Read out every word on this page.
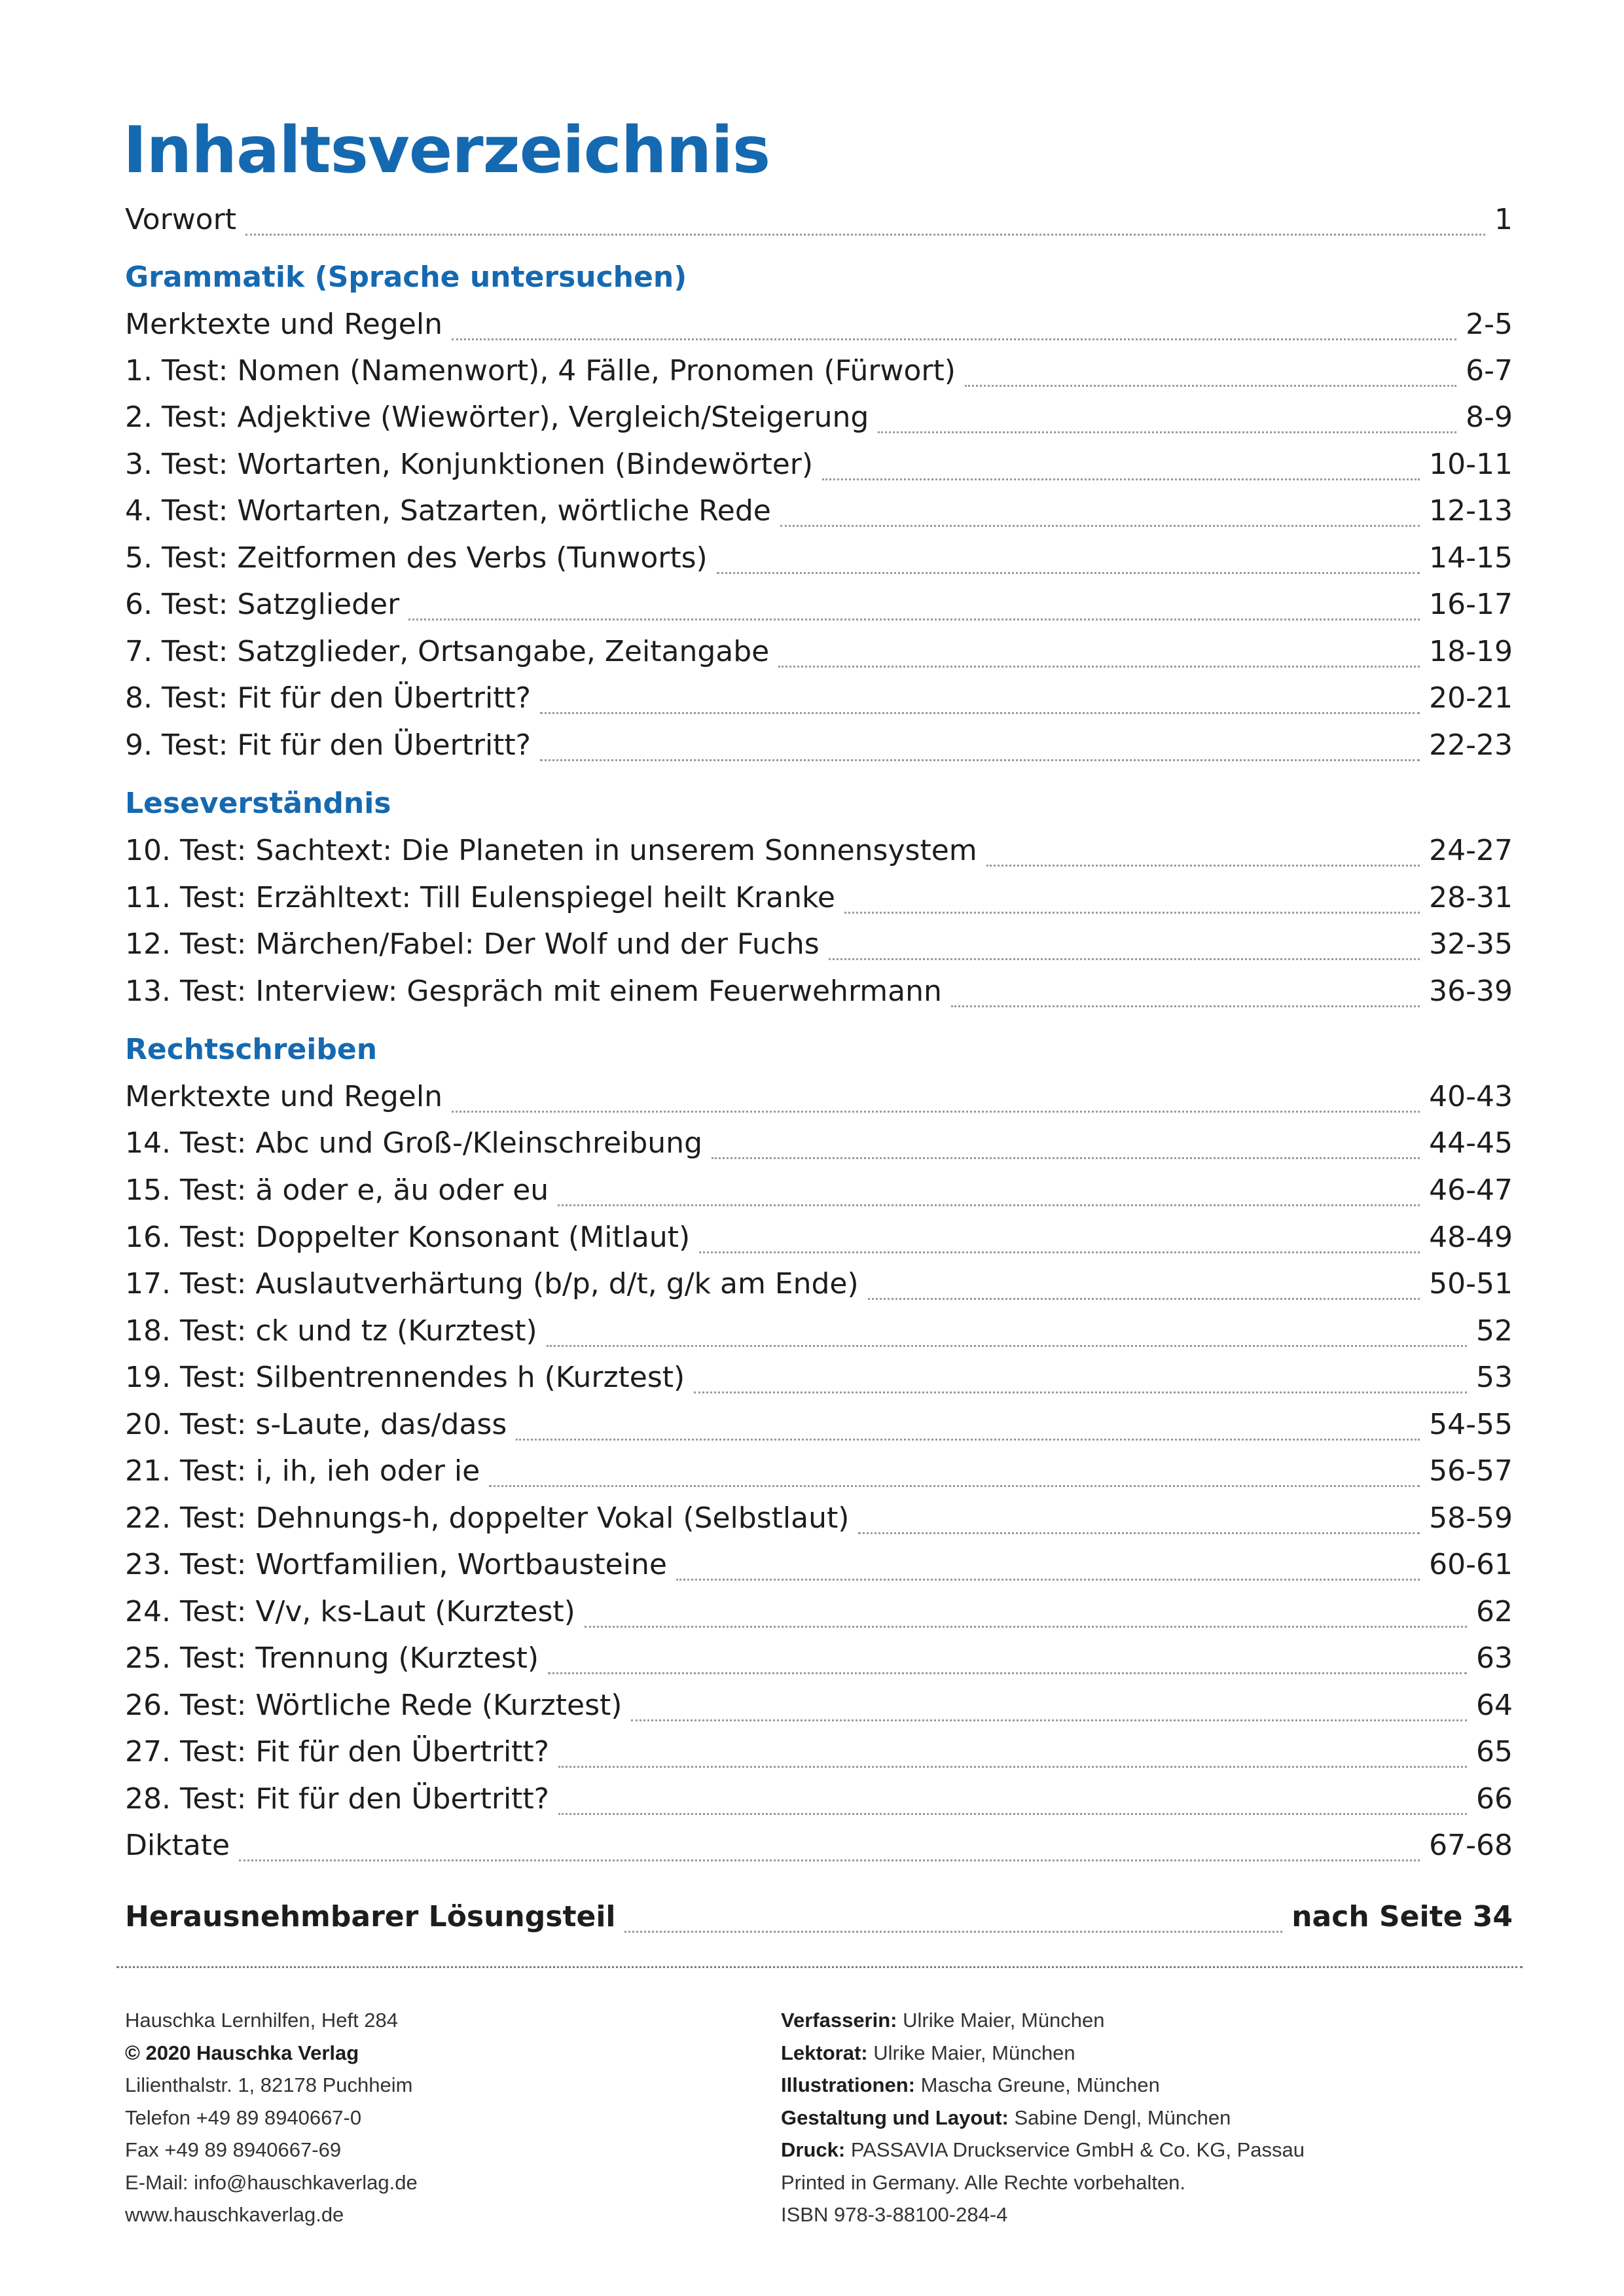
Inhaltsverzeichnis
Vorwort	1
Grammatik (Sprache untersuchen)
Merktexte und Regeln	2-5
1. Test: Nomen (Namenwort), 4 Fälle, Pronomen (Fürwort)	6-7
2. Test: Adjektive (Wiewörter), Vergleich/Steigerung	8-9
3. Test: Wortarten, Konjunktionen (Bindewörter)	10-11
4. Test: Wortarten, Satzarten, wörtliche Rede	12-13
5. Test: Zeitformen des Verbs (Tunworts)	14-15
6. Test: Satzglieder	16-17
7. Test: Satzglieder, Ortsangabe, Zeitangabe	18-19
8. Test: Fit für den Übertritt?	20-21
9. Test: Fit für den Übertritt?	22-23
Leseverständnis
10. Test: Sachtext: Die Planeten in unserem Sonnensystem	24-27
11. Test: Erzähltext: Till Eulenspiegel heilt Kranke	28-31
12. Test: Märchen/Fabel: Der Wolf und der Fuchs	32-35
13. Test: Interview: Gespräch mit einem Feuerwehrmann	36-39
Rechtschreiben
Merktexte und Regeln	40-43
14. Test: Abc und Groß-/Kleinschreibung	44-45
15. Test: ä oder e, äu oder eu	46-47
16. Test: Doppelter Konsonant (Mitlaut)	48-49
17. Test: Auslautverhärtung (b/p, d/t, g/k am Ende)	50-51
18. Test: ck und tz (Kurztest)	52
19. Test: Silbentrennendes h (Kurztest)	53
20. Test: s-Laute, das/dass	54-55
21. Test: i, ih, ieh oder ie	56-57
22. Test: Dehnungs-h, doppelter Vokal (Selbstlaut)	58-59
23. Test: Wortfamilien, Wortbausteine	60-61
24. Test: V/v, ks-Laut (Kurztest)	62
25. Test: Trennung (Kurztest)	63
26. Test: Wörtliche Rede (Kurztest)	64
27. Test: Fit für den Übertritt?	65
28. Test: Fit für den Übertritt?	66
Diktate	67-68
Herausnehmbarer Lösungsteil	nach Seite 34
Hauschka Lernhilfen, Heft 284
© 2020 Hauschka Verlag
Lilienthalstr. 1, 82178 Puchheim
Telefon +49 89 8940667-0
Fax +49 89 8940667-69
E-Mail: info@hauschkaverlag.de
www.hauschkaverlag.de
Verfasserin: Ulrike Maier, München
Lektorat: Ulrike Maier, München
Illustrationen: Mascha Greune, München
Gestaltung und Layout: Sabine Dengl, München
Druck: PASSAVIA Druckservice GmbH & Co. KG, Passau
Printed in Germany. Alle Rechte vorbehalten.
ISBN 978-3-88100-284-4
